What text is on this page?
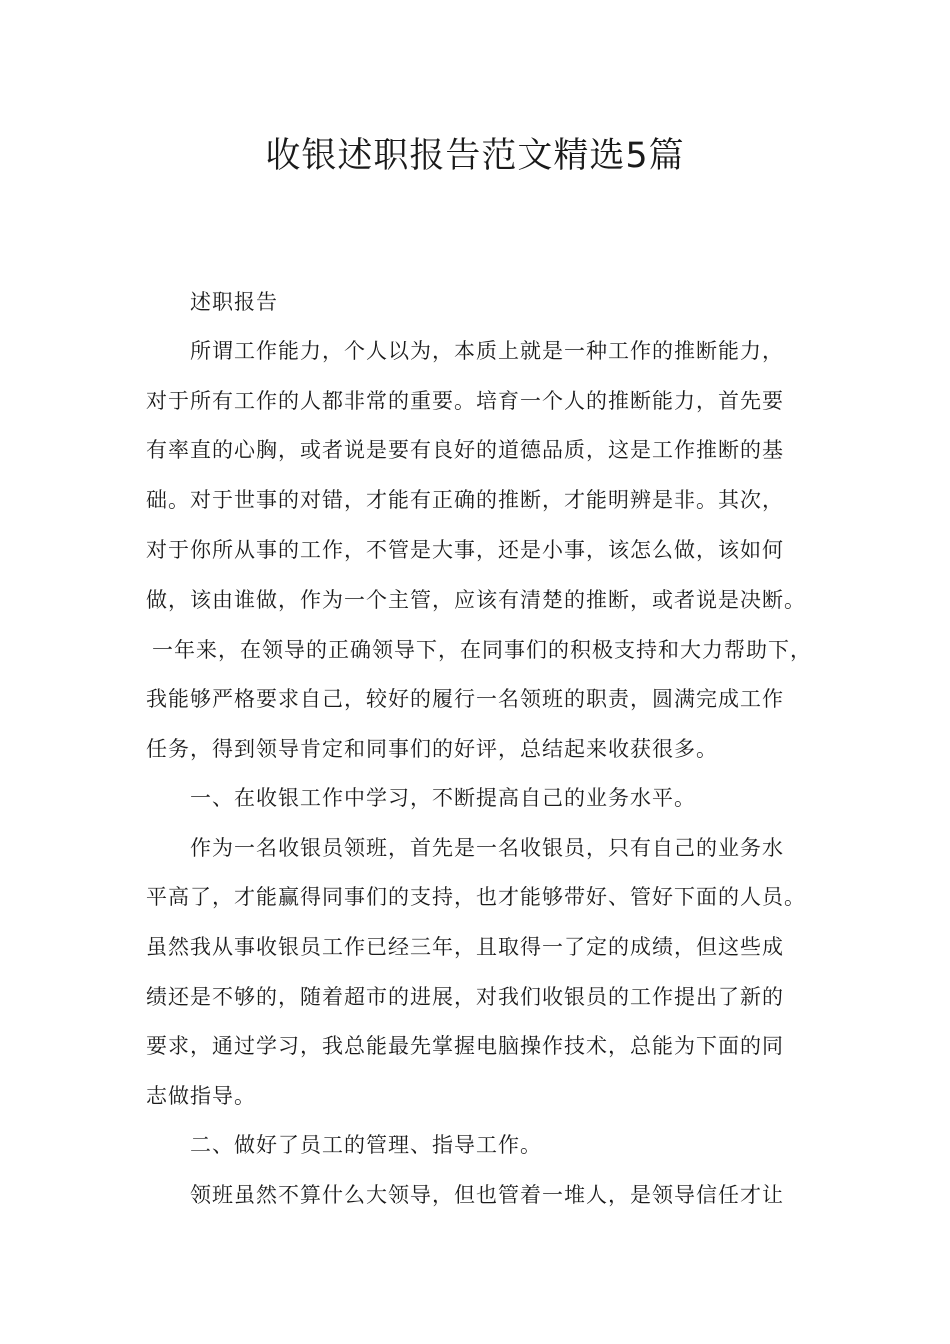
收银述职报告范文精选5篇
述职报告
所谓工作能力，个人以为，本质上就是一种工作的推断能力，
对于所有工作的人都非常的重要。培育一个人的推断能力，首先要
有率直的心胸，或者说是要有良好的道德品质，这是工作推断的基
础。对于世事的对错，才能有正确的推断，才能明辨是非。其次，
对于你所从事的工作，不管是大事，还是小事，该怎么做，该如何
做，该由谁做，作为一个主管，应该有清楚的推断，或者说是决断。
一年来，在领导的正确领导下，在同事们的积极支持和大力帮助下，
我能够严格要求自己，较好的履行一名领班的职责，圆满完成工作
任务，得到领导肯定和同事们的好评，总结起来收获很多。
一、在收银工作中学习，不断提高自己的业务水平。
作为一名收银员领班，首先是一名收银员，只有自己的业务水
平高了，才能赢得同事们的支持，也才能够带好、管好下面的人员。
虽然我从事收银员工作已经三年，且取得一了定的成绩，但这些成
绩还是不够的，随着超市的进展，对我们收银员的工作提出了新的
要求，通过学习，我总能最先掌握电脑操作技术，总能为下面的同
志做指导。
二、做好了员工的管理、指导工作。
领班虽然不算什么大领导，但也管着一堆人，是领导信任才让
